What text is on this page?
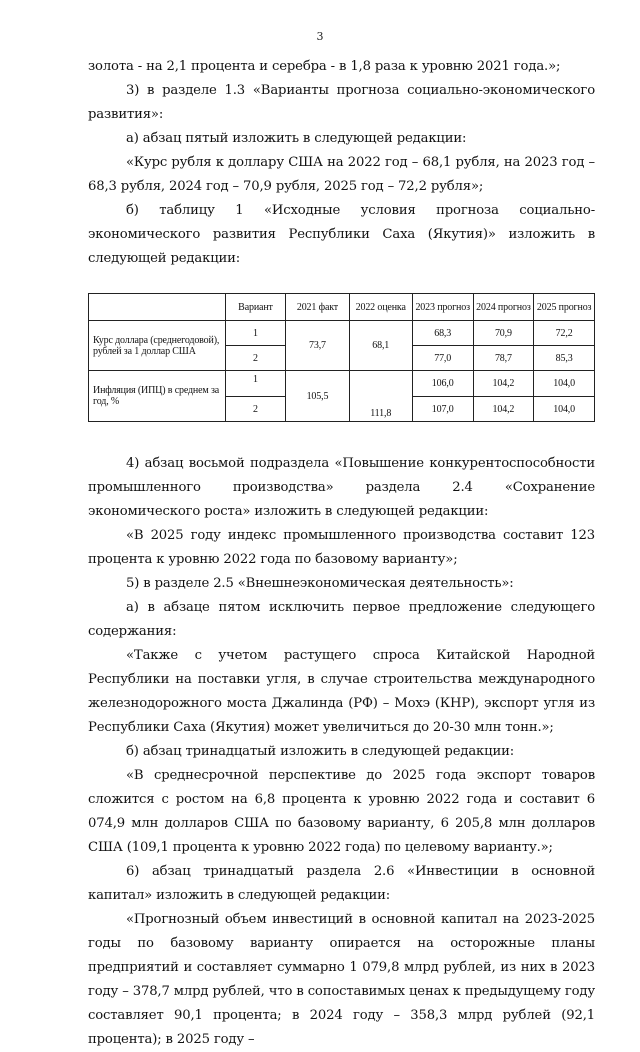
3

золота - на 2,1 процента и серебра - в 1,8 раза к уровню 2021 года.»;

3) в разделе 1.3 «Варианты прогноза социально-экономического развития»:

а) абзац пятый изложить в следующей редакции:

«Курс рубля к доллару США на 2022 год – 68,1 рубля, на 2023 год – 68,3 рубля, 2024 год – 70,9 рубля, 2025 год – 72,2 рубля»;

б) таблицу 1 «Исходные условия прогноза социально-экономического развития Республики Саха (Якутия)» изложить в следующей редакции:

	Вариант	2021 факт	2022 оценка	2023 прогноз	2024 прогноз	2025 прогноз
Курс доллара (среднегодовой), рублей за 1 доллар США	1	73,7	68,1	68,3	70,9	72,2
	2			77,0	78,7	85,3
Инфляция (ИПЦ) в среднем за год, %	1	105,5	111,8	106,0	104,2	104,0
	2			107,0	104,2	104,0

4) абзац восьмой подраздела «Повышение конкурентоспособности промышленного производства» раздела 2.4 «Сохранение экономического роста» изложить в следующей редакции:

«В 2025 году индекс промышленного производства составит 123 процента к уровню 2022 года по базовому варианту»;

5) в разделе 2.5 «Внешнеэкономическая деятельность»:

а) в абзаце пятом исключить первое предложение следующего содержания:

«Также с учетом растущего спроса Китайской Народной Республики на поставки угля, в случае строительства международного железнодорожного моста Джалинда (РФ) – Мохэ (КНР), экспорт угля из Республики Саха (Якутия) может увеличиться до 20-30 млн тонн.»;

б) абзац тринадцатый изложить в следующей редакции:

«В среднесрочной перспективе до 2025 года экспорт товаров сложится с ростом на 6,8 процента к уровню 2022 года и составит 6 074,9 млн долларов США по базовому варианту, 6 205,8 млн долларов США (109,1 процента к уровню 2022 года) по целевому варианту.»;

6) абзац тринадцатый раздела 2.6 «Инвестиции в основной капитал» изложить в следующей редакции:

«Прогнозный объем инвестиций в основной капитал на 2023-2025 годы по базовому варианту опирается на осторожные планы предприятий и составляет суммарно 1 079,8 млрд рублей, из них в 2023 году – 378,7 млрд рублей, что в сопоставимых ценах к предыдущему году составляет 90,1 процента; в 2024 году – 358,3 млрд рублей (92,1 процента); в 2025 году –
